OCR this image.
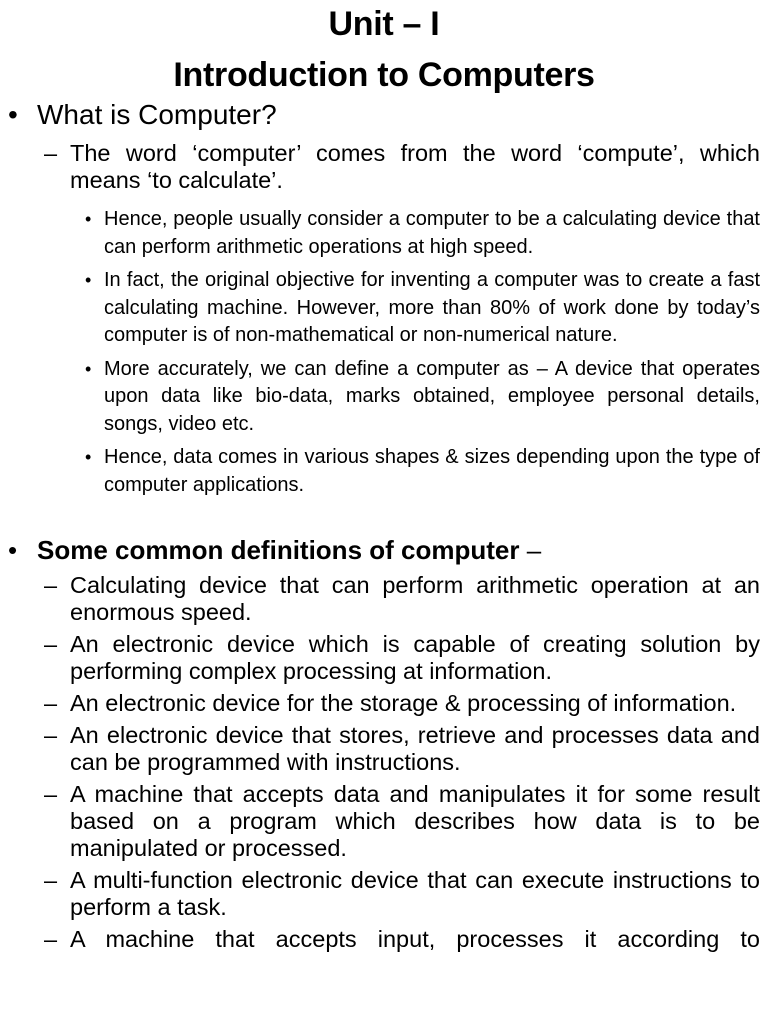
Unit – I
Introduction to Computers
• What is Computer?
– The word ‘computer’ comes from the word ‘compute’, which means ‘to calculate’.
• Hence, people usually consider a computer to be a calculating device that can perform arithmetic operations at high speed.
• In fact, the original objective for inventing a computer was to create a fast calculating machine. However, more than 80% of work done by today’s computer is of non-mathematical or non-numerical nature.
• More accurately, we can define a computer as – A device that operates upon data like bio-data, marks obtained, employee personal details, songs, video etc.
• Hence, data comes in various shapes & sizes depending upon the type of computer applications.
• Some common definitions of computer –
– Calculating device that can perform arithmetic operation at an enormous speed.
– An electronic device which is capable of creating solution by performing complex processing at information.
– An electronic device for the storage & processing of information.
– An electronic device that stores, retrieve and processes data and can be programmed with instructions.
– A machine that accepts data and manipulates it for some result based on a program which describes how data is to be manipulated or processed.
– A multi-function electronic device that can execute instructions to perform a task.
– A machine that accepts input, processes it according to
